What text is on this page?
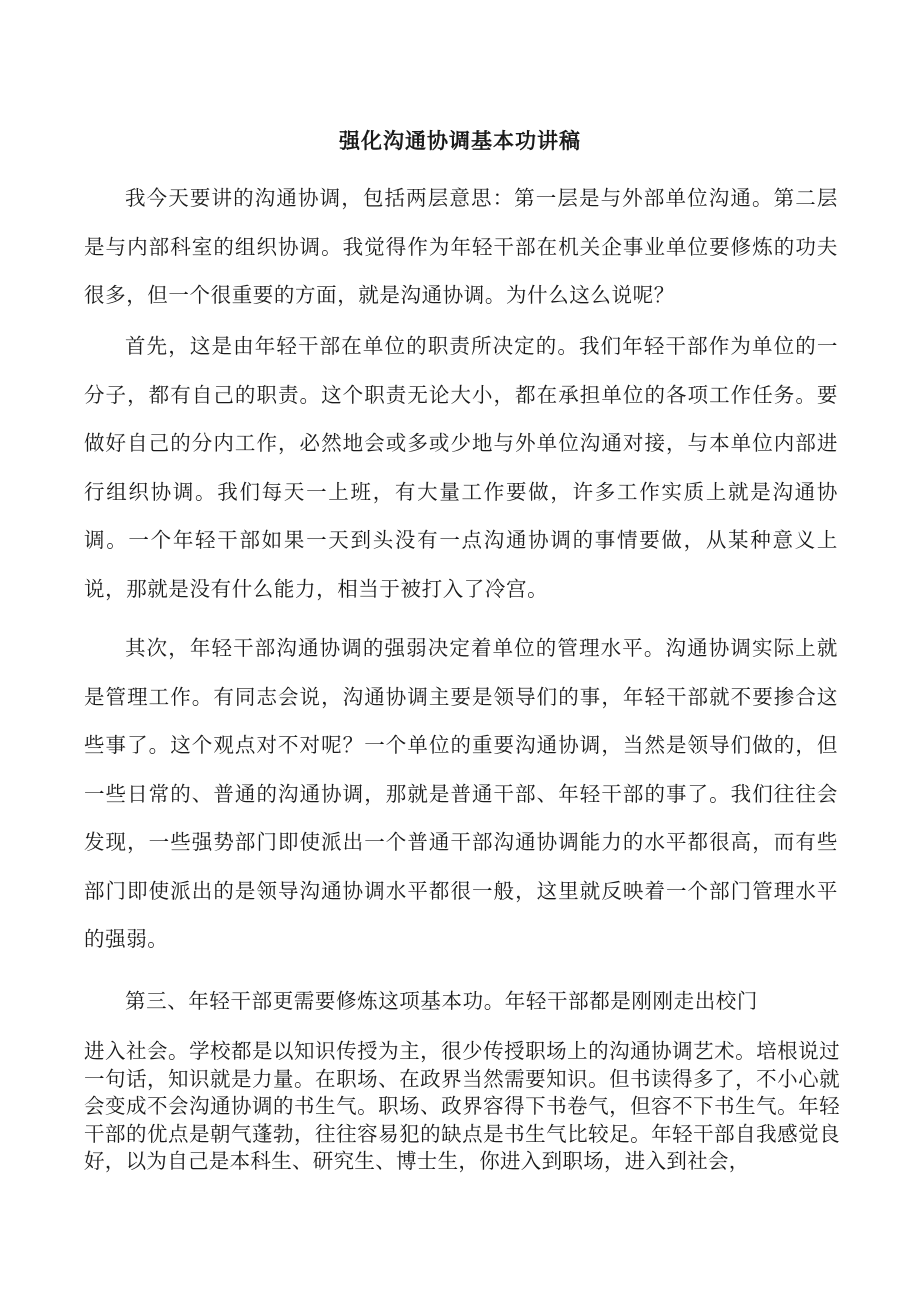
强化沟通协调基本功讲稿

我今天要讲的沟通协调，包括两层意思：第一层是与外部单位沟通。第二层是与内部科室的组织协调。我觉得作为年轻干部在机关企事业单位要修炼的功夫很多，但一个很重要的方面，就是沟通协调。为什么这么说呢？

首先，这是由年轻干部在单位的职责所决定的。我们年轻干部作为单位的一分子，都有自己的职责。这个职责无论大小，都在承担单位的各项工作任务。要做好自己的分内工作，必然地会或多或少地与外单位沟通对接，与本单位内部进行组织协调。我们每天一上班，有大量工作要做，许多工作实质上就是沟通协调。一个年轻干部如果一天到头没有一点沟通协调的事情要做，从某种意义上说，那就是没有什么能力，相当于被打入了冷宫。

其次，年轻干部沟通协调的强弱决定着单位的管理水平。沟通协调实际上就是管理工作。有同志会说，沟通协调主要是领导们的事，年轻干部就不要掺合这些事了。这个观点对不对呢？一个单位的重要沟通协调，当然是领导们做的，但一些日常的、普通的沟通协调，那就是普通干部、年轻干部的事了。我们往往会发现，一些强势部门即使派出一个普通干部沟通协调能力的水平都很高，而有些部门即使派出的是领导沟通协调水平都很一般，这里就反映着一个部门管理水平的强弱。

第三、年轻干部更需要修炼这项基本功。年轻干部都是刚刚走出校门

进入社会。学校都是以知识传授为主，很少传授职场上的沟通协调艺术。培根说过一句话，知识就是力量。在职场、在政界当然需要知识。但书读得多了，不小心就会变成不会沟通协调的书生气。职场、政界容得下书卷气，但容不下书生气。年轻干部的优点是朝气蓬勃，往往容易犯的缺点是书生气比较足。年轻干部自我感觉良好，以为自己是本科生、研究生、博士生，你进入到职场，进入到社会，
